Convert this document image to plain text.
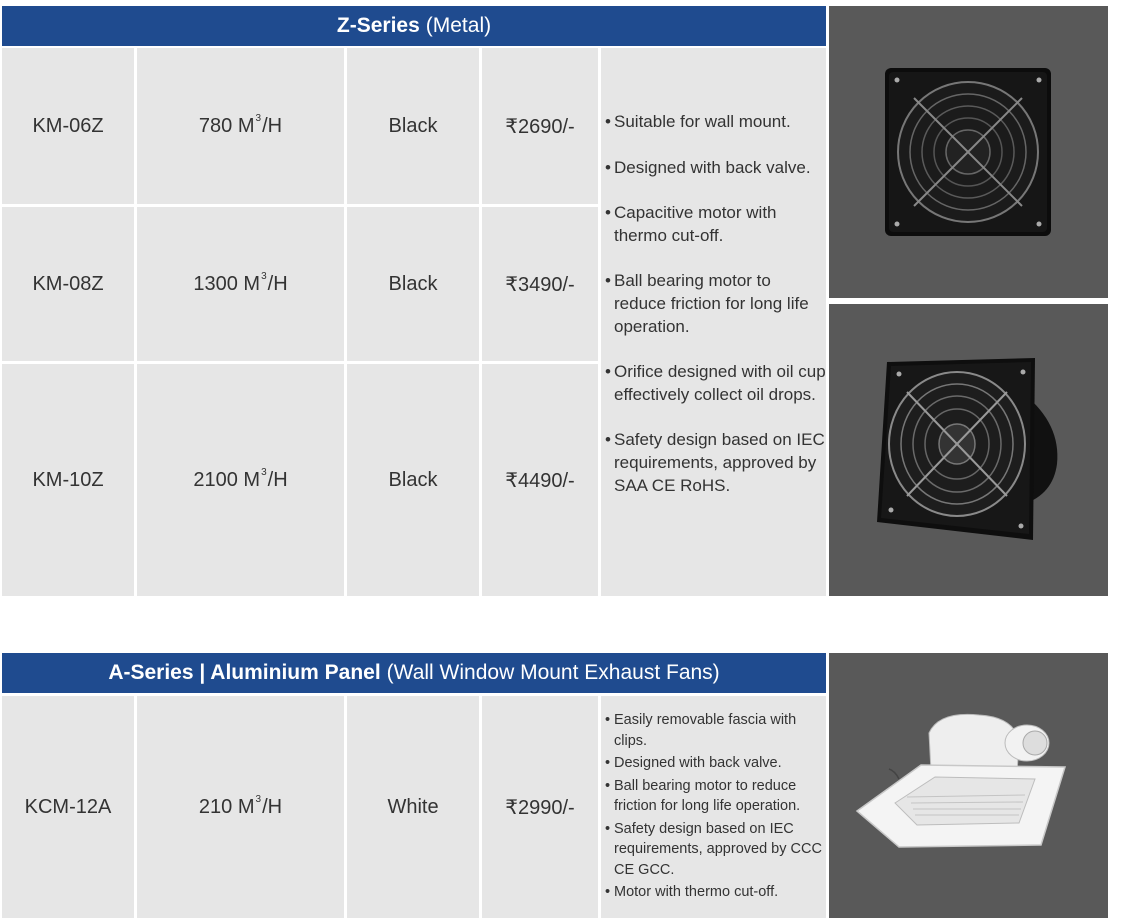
Z-Series (Metal)
KM-06Z	780 M 3 /H	Black	₹2690/-
KM-08Z	1300 M 3 /H	Black	₹3490/-
KM-10Z	2100 M 3 /H	Black	₹4490/-
• Suitable for wall mount.
• Designed with back valve.
• Capacitive motor with thermo cut-off.
• Ball bearing motor to reduce friction for long life operation.
• Orifice designed with oil cup effectively collect oil drops.
• Safety design based on IEC requirements, approved by SAA CE RoHS.
A-Series | Aluminium Panel (Wall Window Mount Exhaust Fans)
KCM-12A	210 M 3 /H	White	₹2990/-
• Easily removable fascia with clips.
• Designed with back valve.
• Ball bearing motor to reduce friction for long life operation.
• Safety design based on IEC requirements, approved by CCC CE GCC.
• Motor with thermo cut-off.
